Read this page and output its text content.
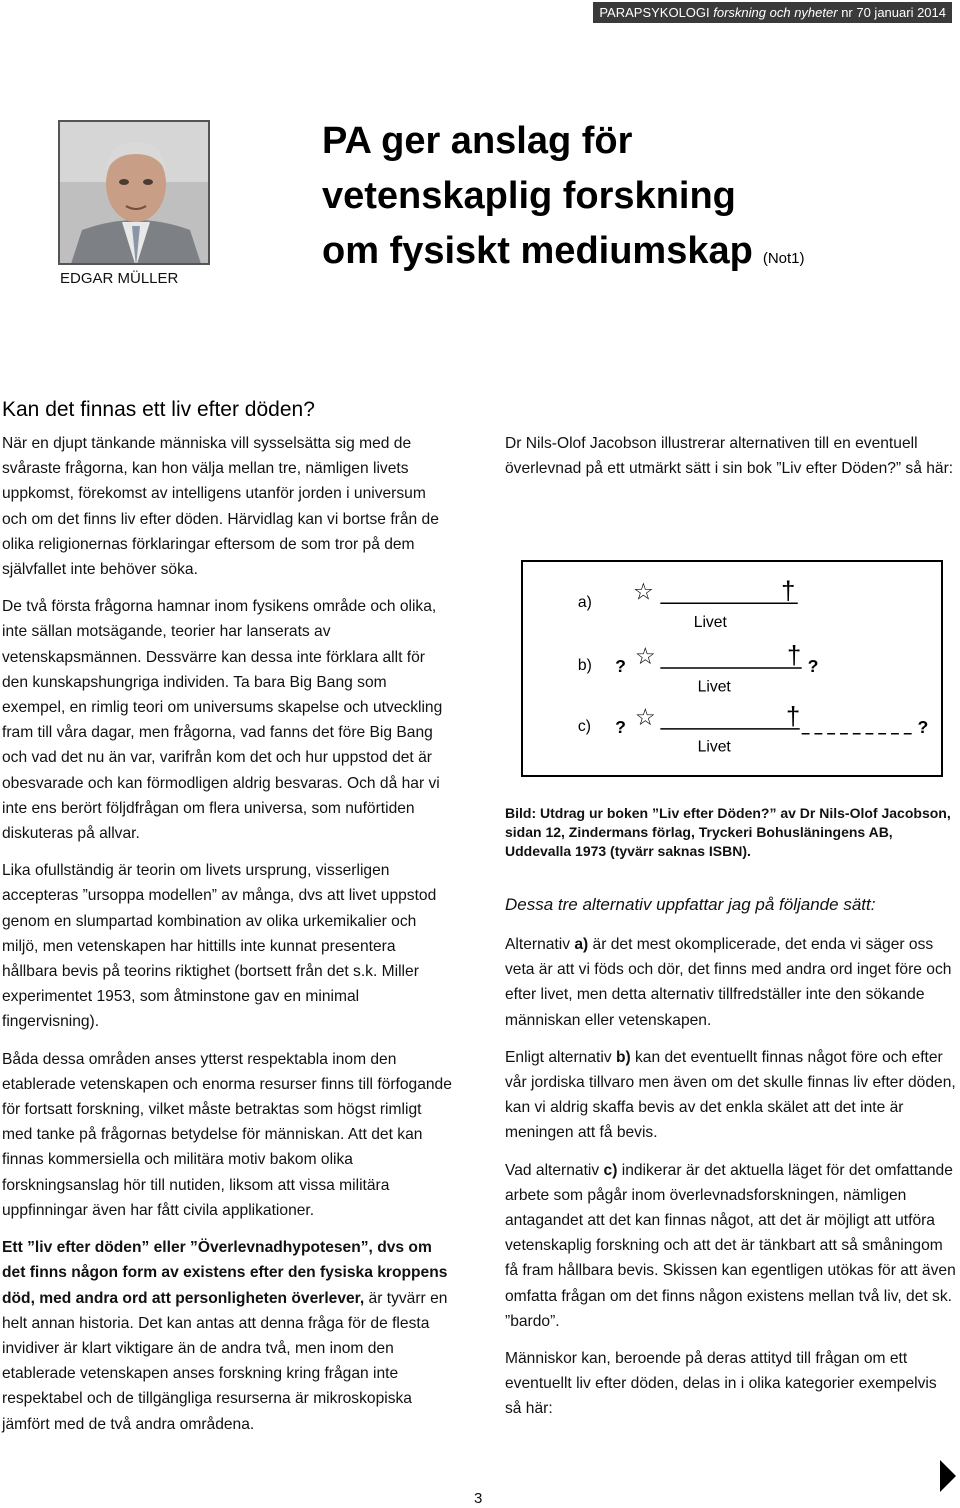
PARAPSYKOLOGI forskning och nyheter nr 70 januari 2014
EDGAR MÜLLER
PA ger anslag för
vetenskaplig forskning
om fysiskt mediumskap (Not1)
Kan det finnas ett liv efter döden?

När en djupt tänkande människa vill sysselsätta sig med de svåraste frågorna, kan hon välja mellan tre, nämligen livets uppkomst, förekomst av intelligens utanför jorden i universum och om det finns liv efter döden. Härvidlag kan vi bortse från de olika religionernas förklaringar eftersom de som tror på dem självfallet inte behöver söka.

De två första frågorna hamnar inom fysikens område och olika, inte sällan motsägande, teorier har lanserats av vetenskapsmännen. Dessvärre kan dessa inte förklara allt för den kunskapshungriga individen. Ta bara Big Bang som exempel, en rimlig teori om universums skapelse och utveckling fram till våra dagar, men frågorna, vad fanns det före Big Bang och vad det nu än var, varifrån kom det och hur uppstod det är obesvarade och kan förmodligen aldrig besvaras. Och då har vi inte ens berört följdfrågan om flera universa, som nuförtiden diskuteras på allvar.

Lika ofullständig är teorin om livets ursprung, visserligen accepteras ”ursoppa modellen” av många, dvs att livet uppstod genom en slumpartad kombination av olika urkemikalier och miljö, men vetenskapen har hittills inte kunnat presentera hållbara bevis på teorins riktighet (bortsett från det s.k. Miller experimentet 1953, som åtminstone gav en minimal fingervisning).

Båda dessa områden anses ytterst respektabla inom den etablerade vetenskapen och enorma resurser finns till förfogande för fortsatt forskning, vilket måste betraktas som högst rimligt med tanke på frågornas betydelse för människan. Att det kan finnas kommersiella och militära motiv bakom olika forskningsanslag hör till nutiden, liksom att vissa militära uppfinningar även har fått civila applikationer.

Ett ”liv efter döden” eller ”Överlevnadhypotesen”, dvs om det finns någon form av existens efter den fysiska kroppens död, med andra ord att personligheten överlever, är tyvärr en helt annan historia. Det kan antas att denna fråga för de flesta invidiver är klart viktigare än de andra två, men inom den etablerade vetenskapen anses forskning kring frågan inte respektabel och de tillgängliga resurserna är mikroskopiska jämfört med de två andra områdena.

Dr Nils-Olof Jacobson illustrerar alternativen till en eventuell överlevnad på ett utmärkt sätt i sin bok ”Liv efter Döden?” så här:

a) ☆	†
Livet
b) ? ☆	† ?
Livet
c) ? ☆	†	?
Livet
Bild: Utdrag ur boken ”Liv efter Döden?” av Dr Nils-Olof Jacobson, sidan 12, Zindermans förlag, Tryckeri Bohusläningens AB, Uddevalla 1973 (tyvärr saknas ISBN).
Dessa tre alternativ uppfattar jag på följande sätt:

Alternativ a) är det mest okomplicerade, det enda vi säger oss veta är att vi föds och dör, det finns med andra ord inget före och efter livet, men detta alternativ tillfredställer inte den sökande människan eller vetenskapen.

Enligt alternativ b) kan det eventuellt finnas något före och efter vår jordiska tillvaro men även om det skulle finnas liv efter döden, kan vi aldrig skaffa bevis av det enkla skälet att det inte är meningen att få bevis.

Vad alternativ c) indikerar är det aktuella läget för det omfattande arbete som pågår inom överlevnadsforskningen, nämligen antagandet att det kan finnas något, att det är möjligt att utföra vetenskaplig forskning och att det är tänkbart att så småningom få fram hållbara bevis. Skissen kan egentligen utökas för att även omfatta frågan om det finns någon existens mellan två liv, det sk. ”bardo”.

Människor kan, beroende på deras attityd till frågan om ett eventuellt liv efter döden, delas in i olika kategorier exempelvis så här:

3
